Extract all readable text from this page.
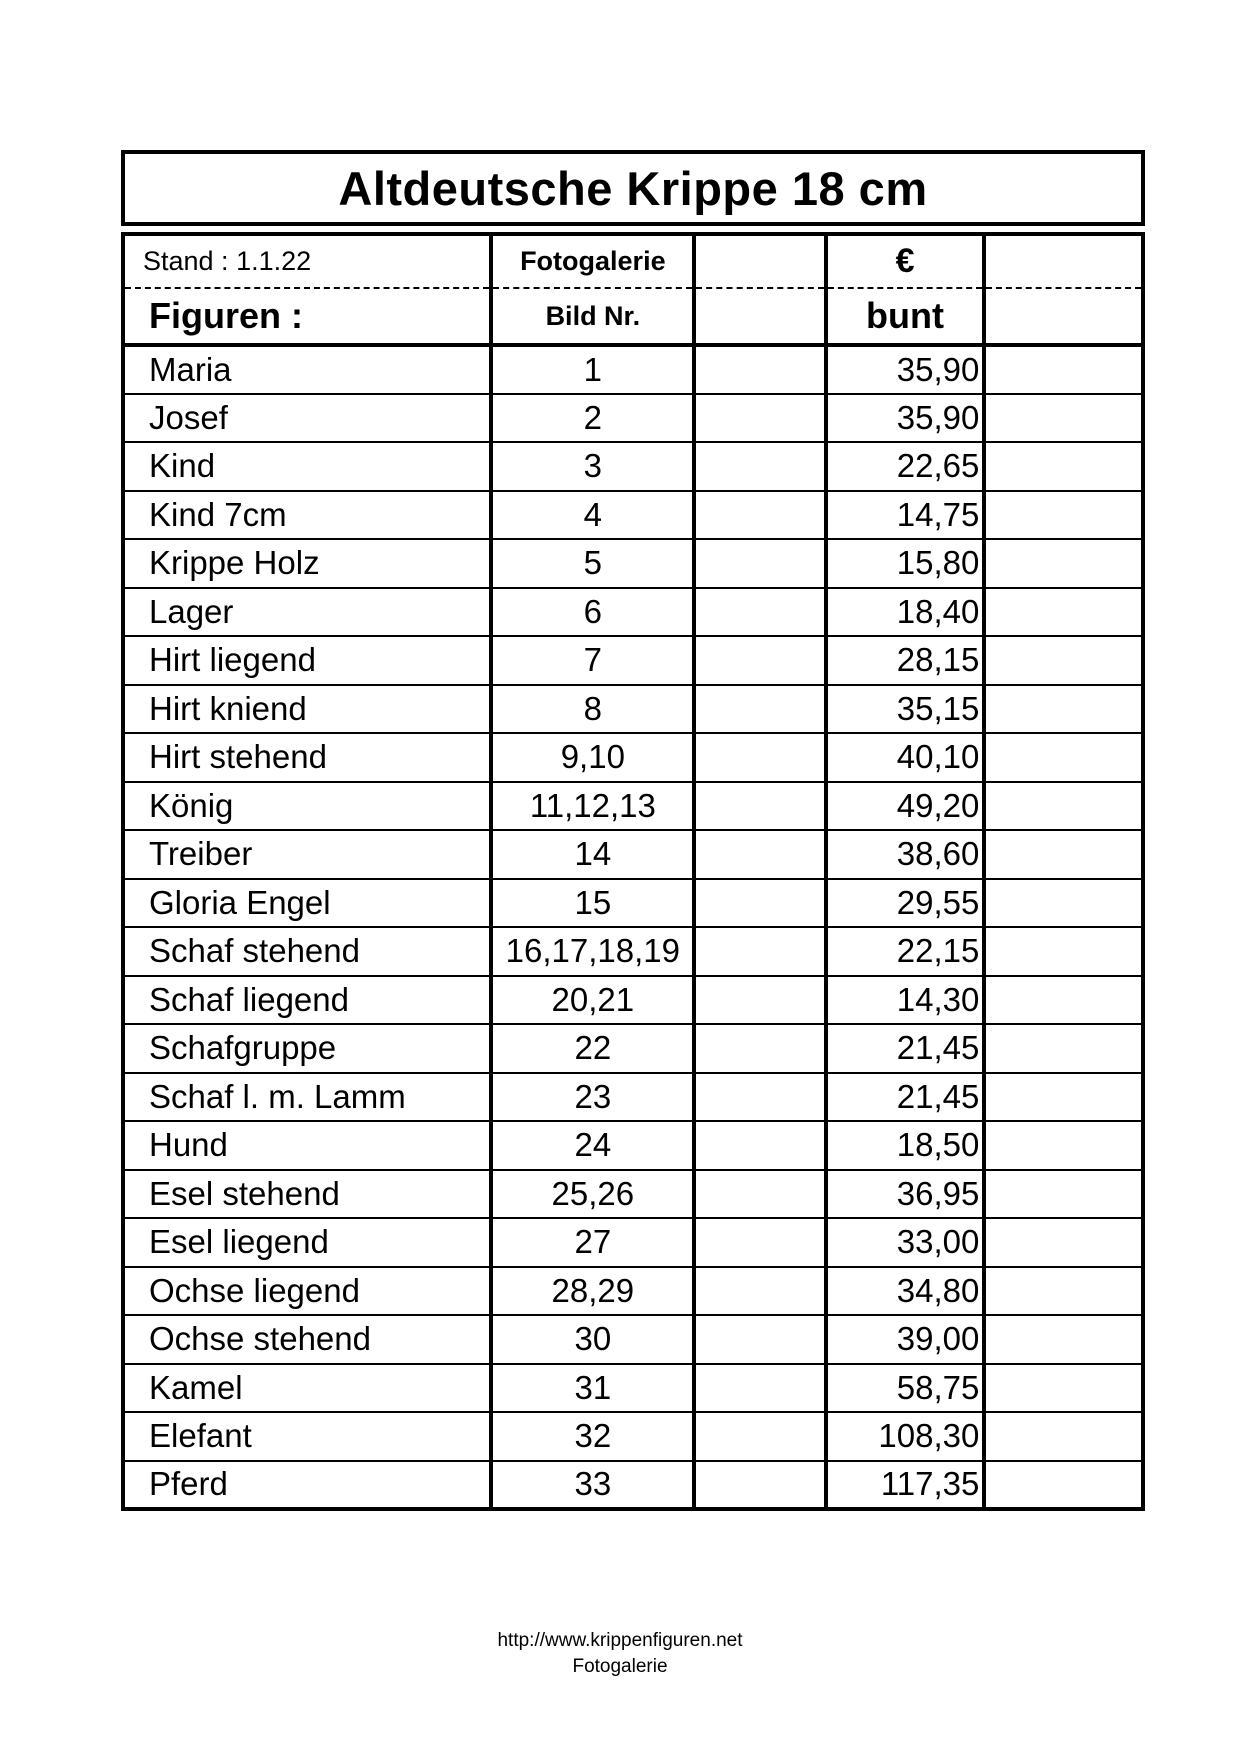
Altdeutsche Krippe 18 cm
Stand : 1.1.22	Fotogalerie		€	
Figuren :	Bild Nr.		bunt	
Maria	1		35,90	
Josef	2		35,90	
Kind	3		22,65	
Kind 7cm	4		14,75	
Krippe Holz	5		15,80	
Lager	6		18,40	
Hirt liegend	7		28,15	
Hirt kniend	8		35,15	
Hirt stehend	9,10		40,10	
König	11,12,13		49,20	
Treiber	14		38,60	
Gloria Engel	15		29,55	
Schaf stehend	16,17,18,19		22,15	
Schaf liegend	20,21		14,30	
Schafgruppe	22		21,45	
Schaf l. m. Lamm	23		21,45	
Hund	24		18,50	
Esel stehend	25,26		36,95	
Esel liegend	27		33,00	
Ochse liegend	28,29		34,80	
Ochse stehend	30		39,00	
Kamel	31		58,75	
Elefant	32		108,30	
Pferd	33		117,35	
http://www.krippenfiguren.net
Fotogalerie
